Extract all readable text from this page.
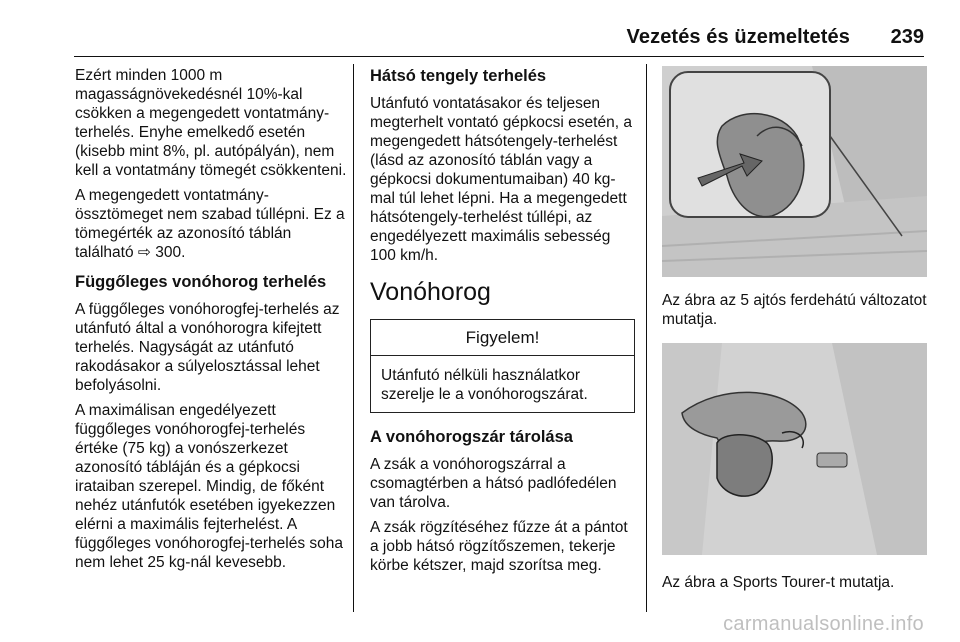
Vezetés és üzemeltetés 239

Ezért minden 1000 m magasságnövekedésnél 10%-kal csökken a megengedett vontatmány-terhelés. Enyhe emelkedő esetén (kisebb mint 8%, pl. autópályán), nem kell a vontatmány tömegét csökkenteni.

A megengedett vontatmány-össztömeget nem szabad túllépni. Ez a tömegérték az azonosító táblán található ⇨ 300.

Függőleges vonóhorog terhelés

A függőleges vonóhorogfej-terhelés az utánfutó által a vonóhorogra kifejtett terhelés. Nagyságát az utánfutó rakodásakor a súlyelosztással lehet befolyásolni.

A maximálisan engedélyezett függőleges vonóhorogfej-terhelés értéke (75 kg) a vonószerkezet azonosító tábláján és a gépkocsi irataiban szerepel. Mindig, de főként nehéz utánfutók esetében igyekezzen elérni a maximális fejterhelést. A függőleges vonóhorogfej-terhelés soha nem lehet 25 kg-nál kevesebb.

Hátsó tengely terhelés

Utánfutó vontatásakor és teljesen megterhelt vontató gépkocsi esetén, a megengedett hátsótengely-terhelést (lásd az azonosító táblán vagy a gépkocsi dokumentumaiban) 40 kg-mal túl lehet lépni. Ha a megengedett hátsótengely-terhelést túllépi, az engedélyezett maximális sebesség 100 km/h.

Vonóhorog
Figyelem!
Utánfutó nélküli használatkor szerelje le a vonóhorogszárat.
A vonóhorogszár tárolása

A zsák a vonóhorogszárral a csomagtérben a hátsó padlófedélen van tárolva.

A zsák rögzítéséhez fűzze át a pántot a jobb hátsó rögzítőszemen, tekerje körbe kétszer, majd szorítsa meg.

Az ábra az 5 ajtós ferdehátú változatot mutatja.

Az ábra a Sports Tourer-t mutatja.

carmanualsonline.info
